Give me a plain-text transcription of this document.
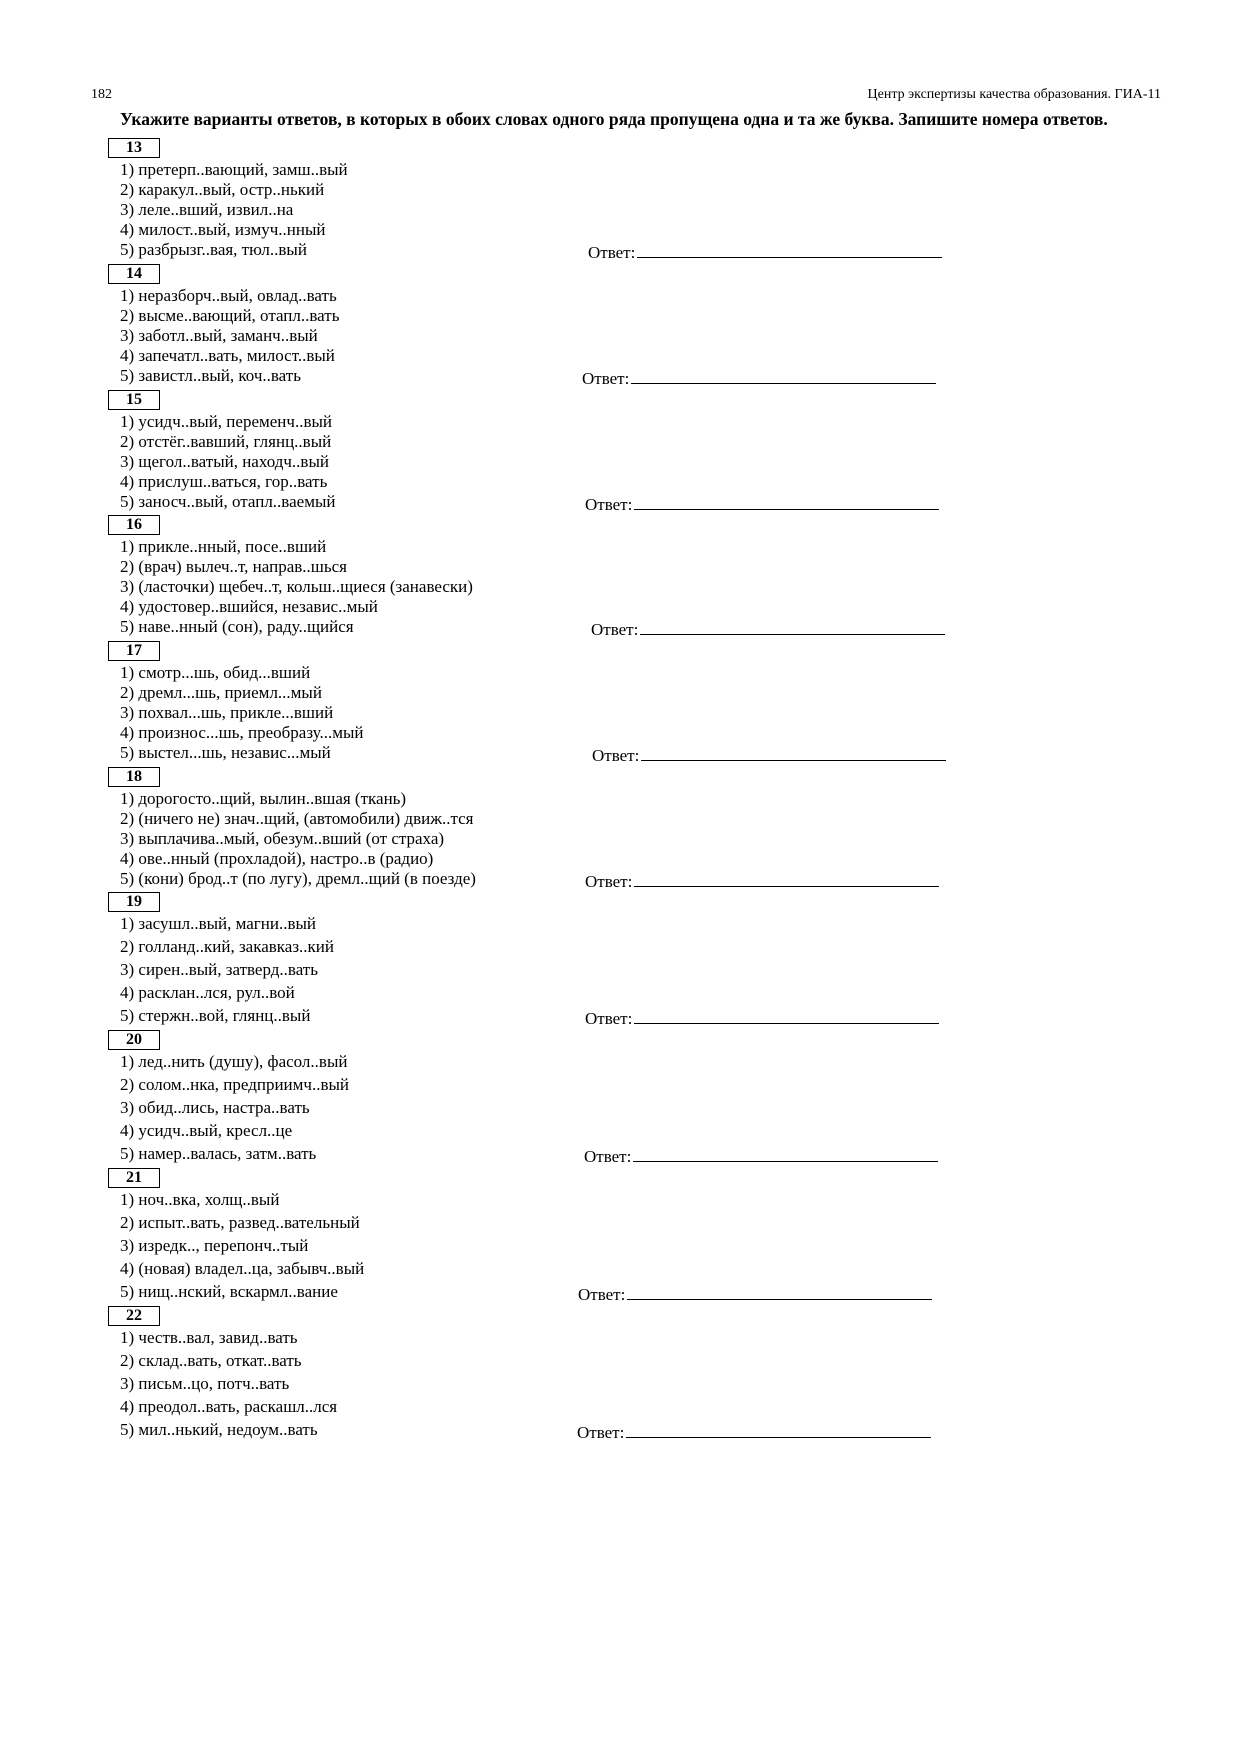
182	Центр экспертизы качества образования. ГИА-11
Укажите варианты ответов, в которых в обоих словах одного ряда пропущена одна и та же буква. Запишите номера ответов.
13
1) претерп..вающий, замш..вый
2) каракул..вый, остр..нький
3) леле..вший, извил..на
4) милост..вый, измуч..нный
5) разбрызг..вая, тюл..вый	Ответ:
14
1) неразборч..вый, овлад..вать
2) высме..вающий, отапл..вать
3) заботл..вый, заманч..вый
4) запечатл..вать, милост..вый
5) завистл..вый, коч..вать	Ответ:
15
1) усидч..вый, переменч..вый
2) отстёг..вавший, глянц..вый
3) щегол..ватый, находч..вый
4) прислуш..ваться, гор..вать
5) заносч..вый, отапл..ваемый	Ответ:
16
1) прикле..нный, посе..вший
2) (врач) вылеч..т, направ..шься
3) (ласточки) щебеч..т, кольш..щиеся (занавески)
4) удостовер..вшийся, независ..мый
5) наве..нный (сон), раду..щийся	Ответ:
17
1) смотр...шь, обид...вший
2) дремл...шь, приемл...мый
3) похвал...шь, прикле...вший
4) произнос...шь, преобразу...мый
5) выстел...шь, независ...мый	Ответ:
18
1) дорогосто..щий, вылин..вшая (ткань)
2) (ничего не) знач..щий, (автомобили) движ..тся
3) выплачива..мый, обезум..вший (от страха)
4) ове..нный (прохладой), настро..в (радио)
5) (кони) брод..т (по лугу), дремл..щий (в поезде)	Ответ:
19
1) засушл..вый, магни..вый
2) голланд..кий, закавказ..кий
3) сирен..вый, затверд..вать
4) расклан..лся, рул..вой
5) стержн..вой, глянц..вый	Ответ:
20
1) лед..нить (душу), фасол..вый
2) солом..нка, предприимч..вый
3) обид..лись, настра..вать
4) усидч..вый, кресл..це
5) намер..валась, затм..вать	Ответ:
21
1) ноч..вка, холщ..вый
2) испыт..вать, развед..вательный
3) изредк.., перепонч..тый
4) (новая) владел..ца, забывч..вый
5) нищ..нский, вскармл..вание	Ответ:
22
1) честв..вал, завид..вать
2) склад..вать, откат..вать
3) письм..цо, потч..вать
4) преодол..вать, раскашл..лся
5) мил..нький, недоум..вать	Ответ:
